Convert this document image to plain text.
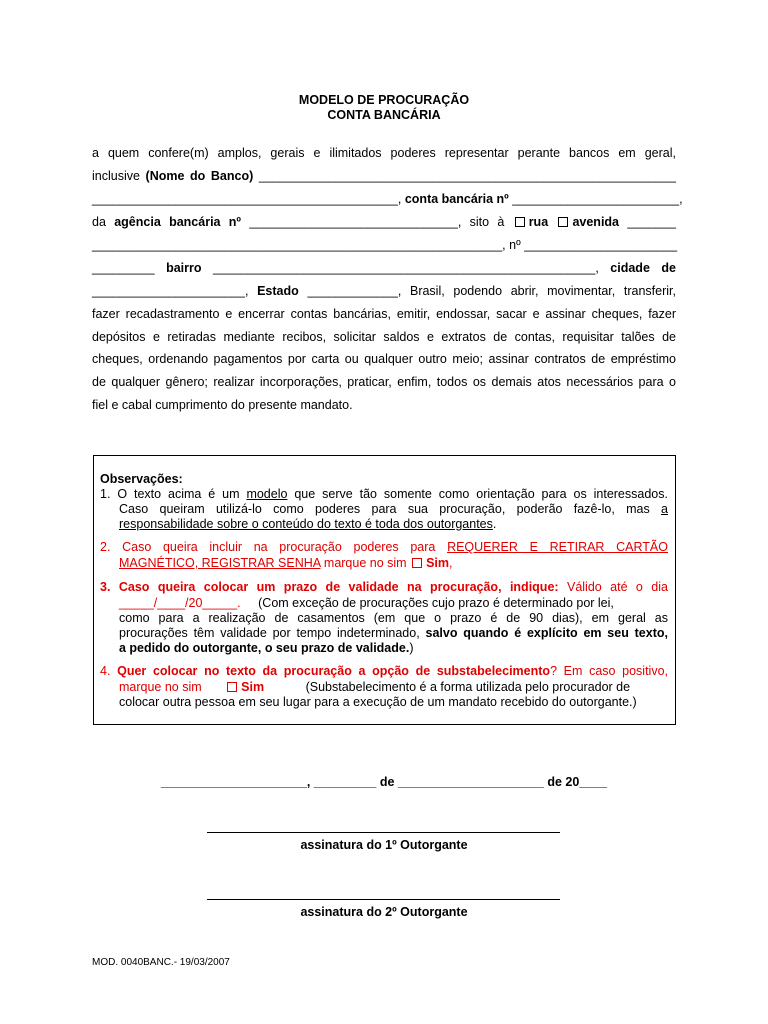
MODELO DE PROCURAÇÃO
CONTA BANCÁRIA
a quem confere(m) amplos, gerais e ilimitados poderes representar perante bancos em geral,
inclusive (Nome do Banco) ____________________________________________________________
____________________________________________, conta bancária nº ________________________,
da agência bancária nº ______________________________, sito à rua avenida _______
___________________________________________________________, nº ______________________
_________ bairro _______________________________________________________, cidade de
______________________, Estado _____________, Brasil, podendo abrir, movimentar, transferir,
fazer recadastramento e encerrar contas bancárias, emitir, endossar, sacar e assinar cheques, fazer
depósitos e retiradas mediante recibos, solicitar saldos e extratos de contas, requisitar talões de
cheques, ordenando pagamentos por carta ou qualquer outro meio; assinar contratos de empréstimo
de qualquer gênero; realizar incorporações, praticar, enfim, todos os demais atos necessários para o
fiel e cabal cumprimento do presente mandato.
Observações:
1. O texto acima é um modelo que serve tão somente como orientação para os interessados.
Caso queiram utilizá-lo como poderes para sua procuração, poderão fazê-lo, mas a
responsabilidade sobre o conteúdo do texto é toda dos outorgantes.
2. Caso queira incluir na procuração poderes para REQUERER E RETIRAR CARTÃO
MAGNÉTICO, REGISTRAR SENHA marque no sim Sim,
3. Caso queira colocar um prazo de validade na procuração, indique: Válido até o dia
_____/____/20_____. (Com exceção de procurações cujo prazo é determinado por lei,
como para a realização de casamentos (em que o prazo é de 90 dias), em geral as
procurações têm validade por tempo indeterminado, salvo quando é explícito em seu texto,
a pedido do outorgante, o seu prazo de validade.)
4. Quer colocar no texto da procuração a opção de substabelecimento? Em caso positivo,
marque no sim	Sim	(Substabelecimento é a forma utilizada pelo procurador de
colocar outra pessoa em seu lugar para a execução de um mandato recebido do outorgante.)
_____________________, _________ de _____________________ de 20____
assinatura do 1º Outorgante
assinatura do 2º Outorgante
MOD. 0040BANC.- 19/03/2007
